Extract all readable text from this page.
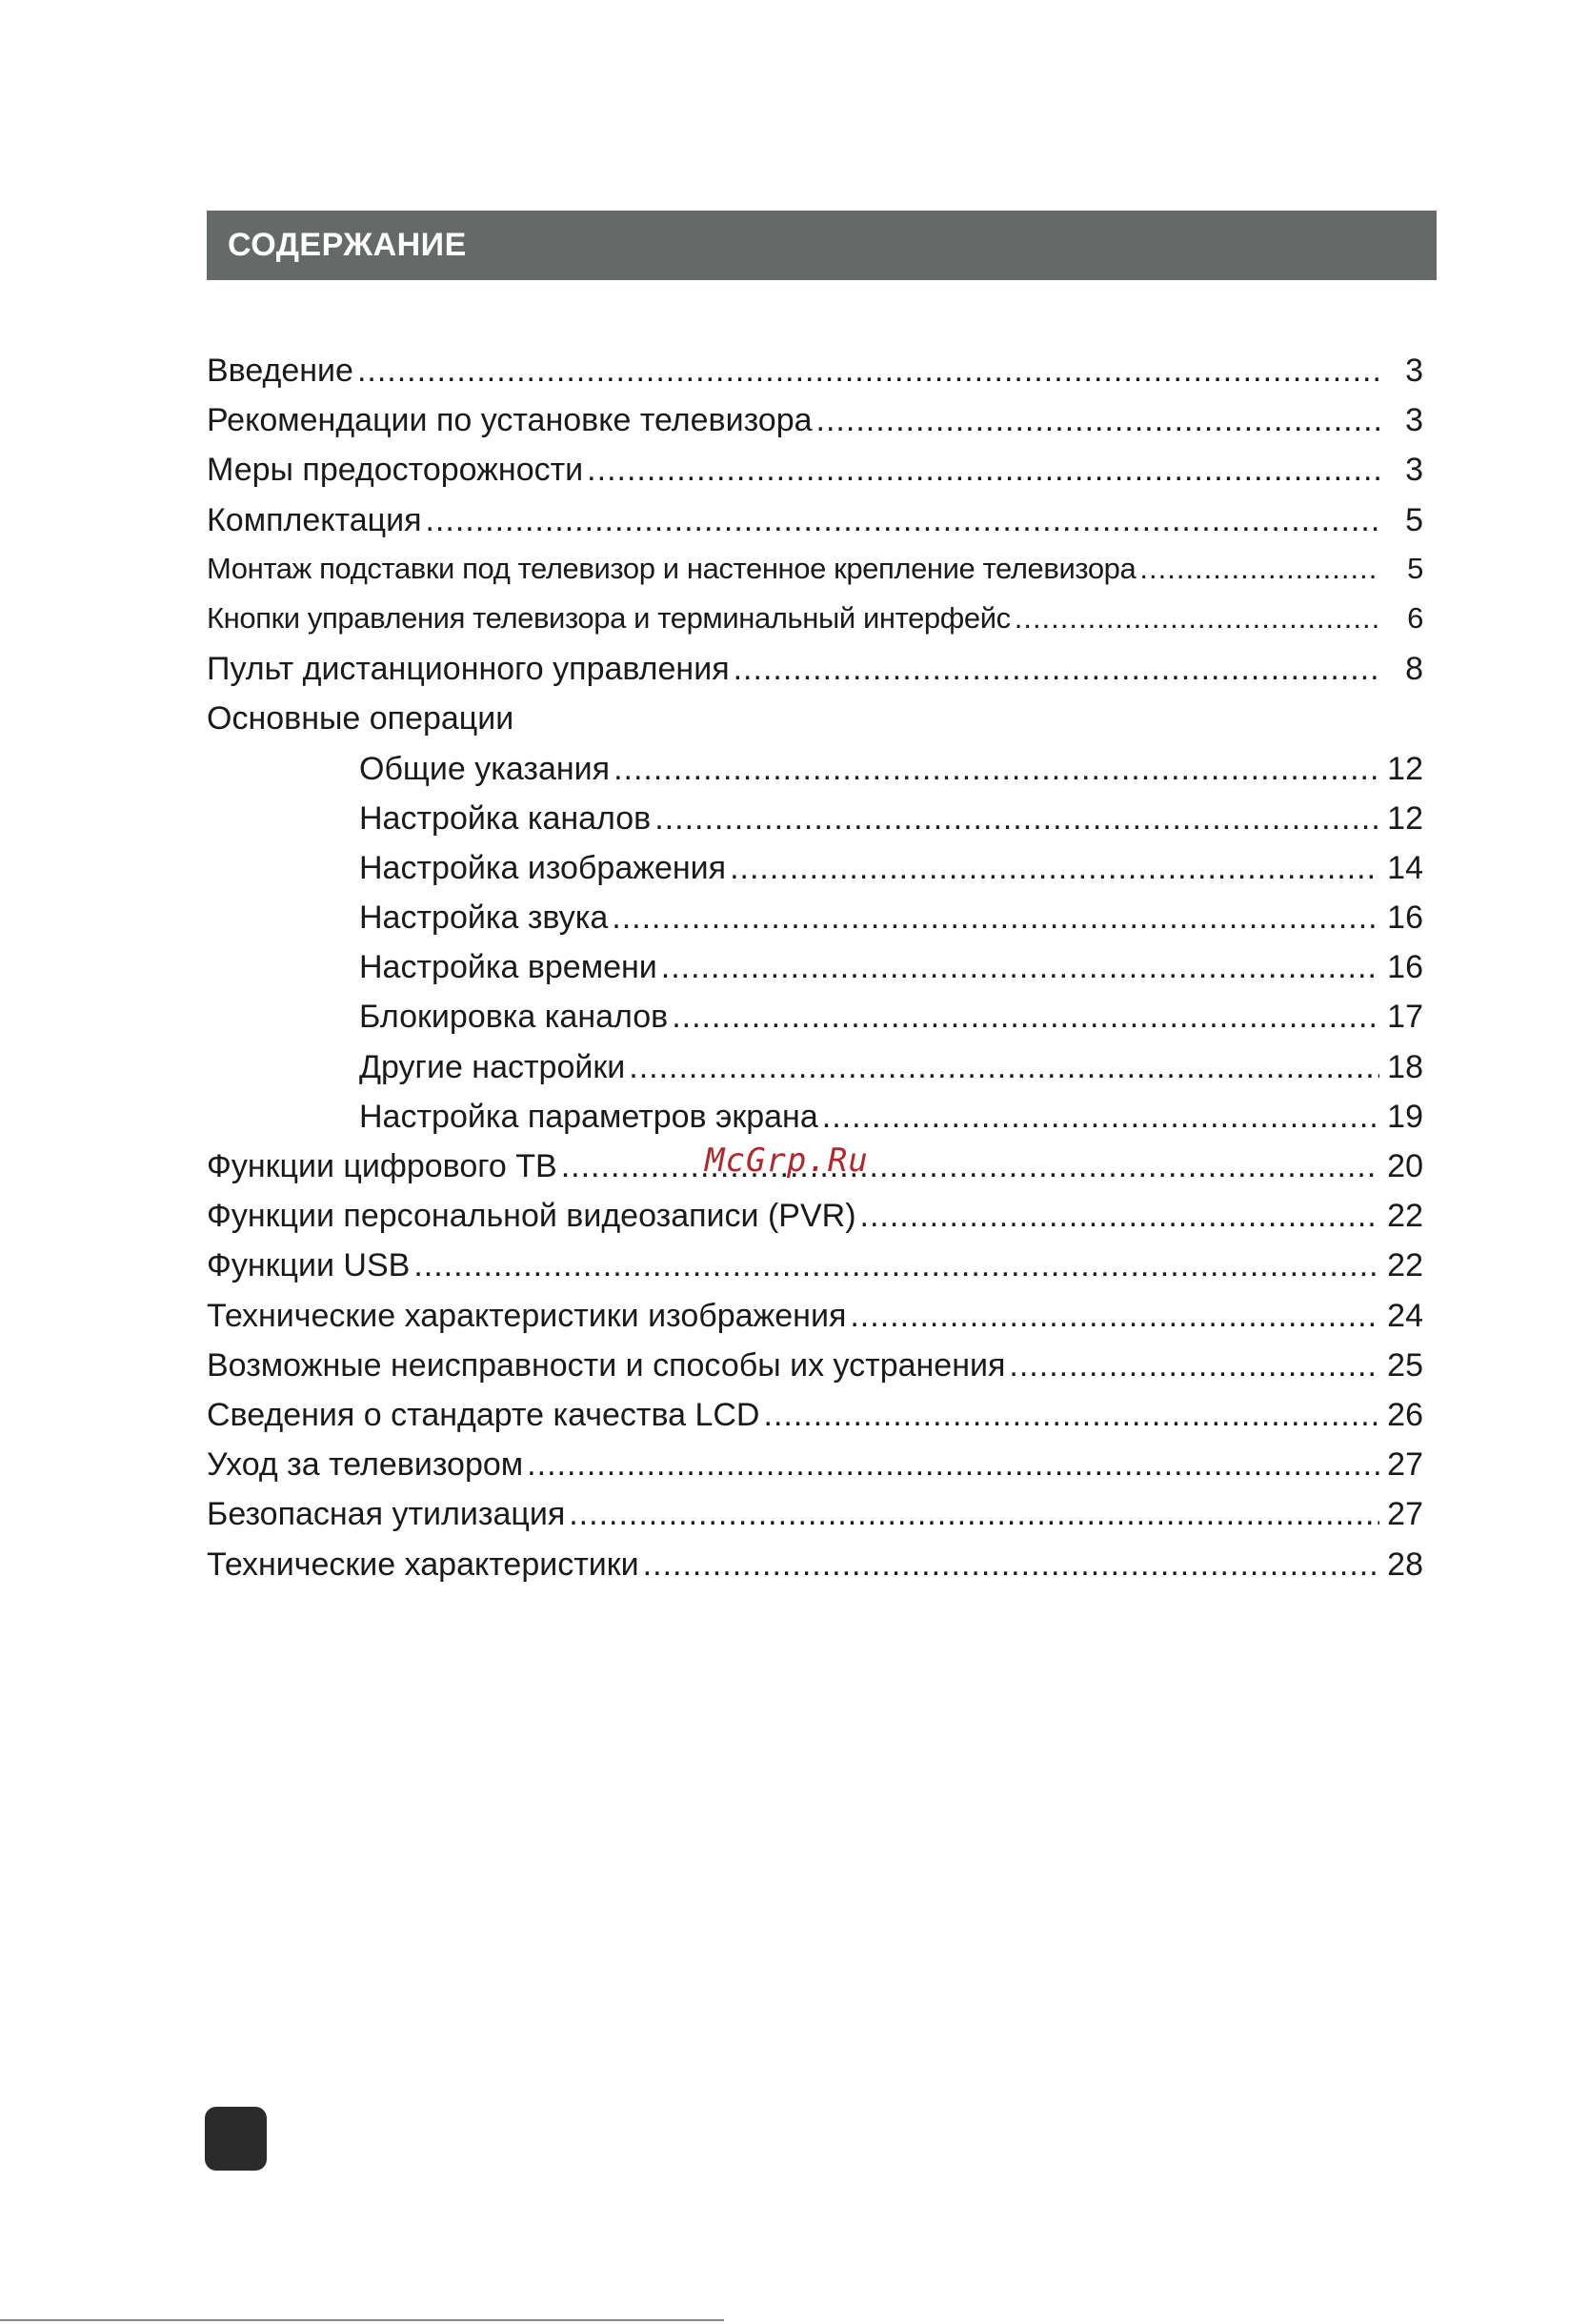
СОДЕРЖАНИЕ
Введение .....	3
Рекомендации по установке телевизора .....	3
Меры предосторожности .....	3
Комплектация .....	5
Монтаж подставки под телевизор и настенное крепление телевизора .....	5
Кнопки управления телевизора и терминальный интерфейс .....	6
Пульт дистанционного управления .....	8
Основные операции
Общие указания .....	12
Настройка каналов .....	12
Настройка изображения .....	14
Настройка звука .....	16
Настройка времени .....	16
Блокировка каналов .....	17
Другие настройки .....	18
Настройка параметров экрана .....	19
Функции цифрового ТВ .....	20
Функции персональной видеозаписи (PVR) .....	22
Функции USB .....	22
Технические характеристики изображения .....	24
Возможные неисправности и способы их устранения .....	25
Сведения о стандарте качества LCD .....	26
Уход за телевизором .....	27
Безопасная утилизация .....	27
Технические характеристики .....	28
McGrp.Ru
